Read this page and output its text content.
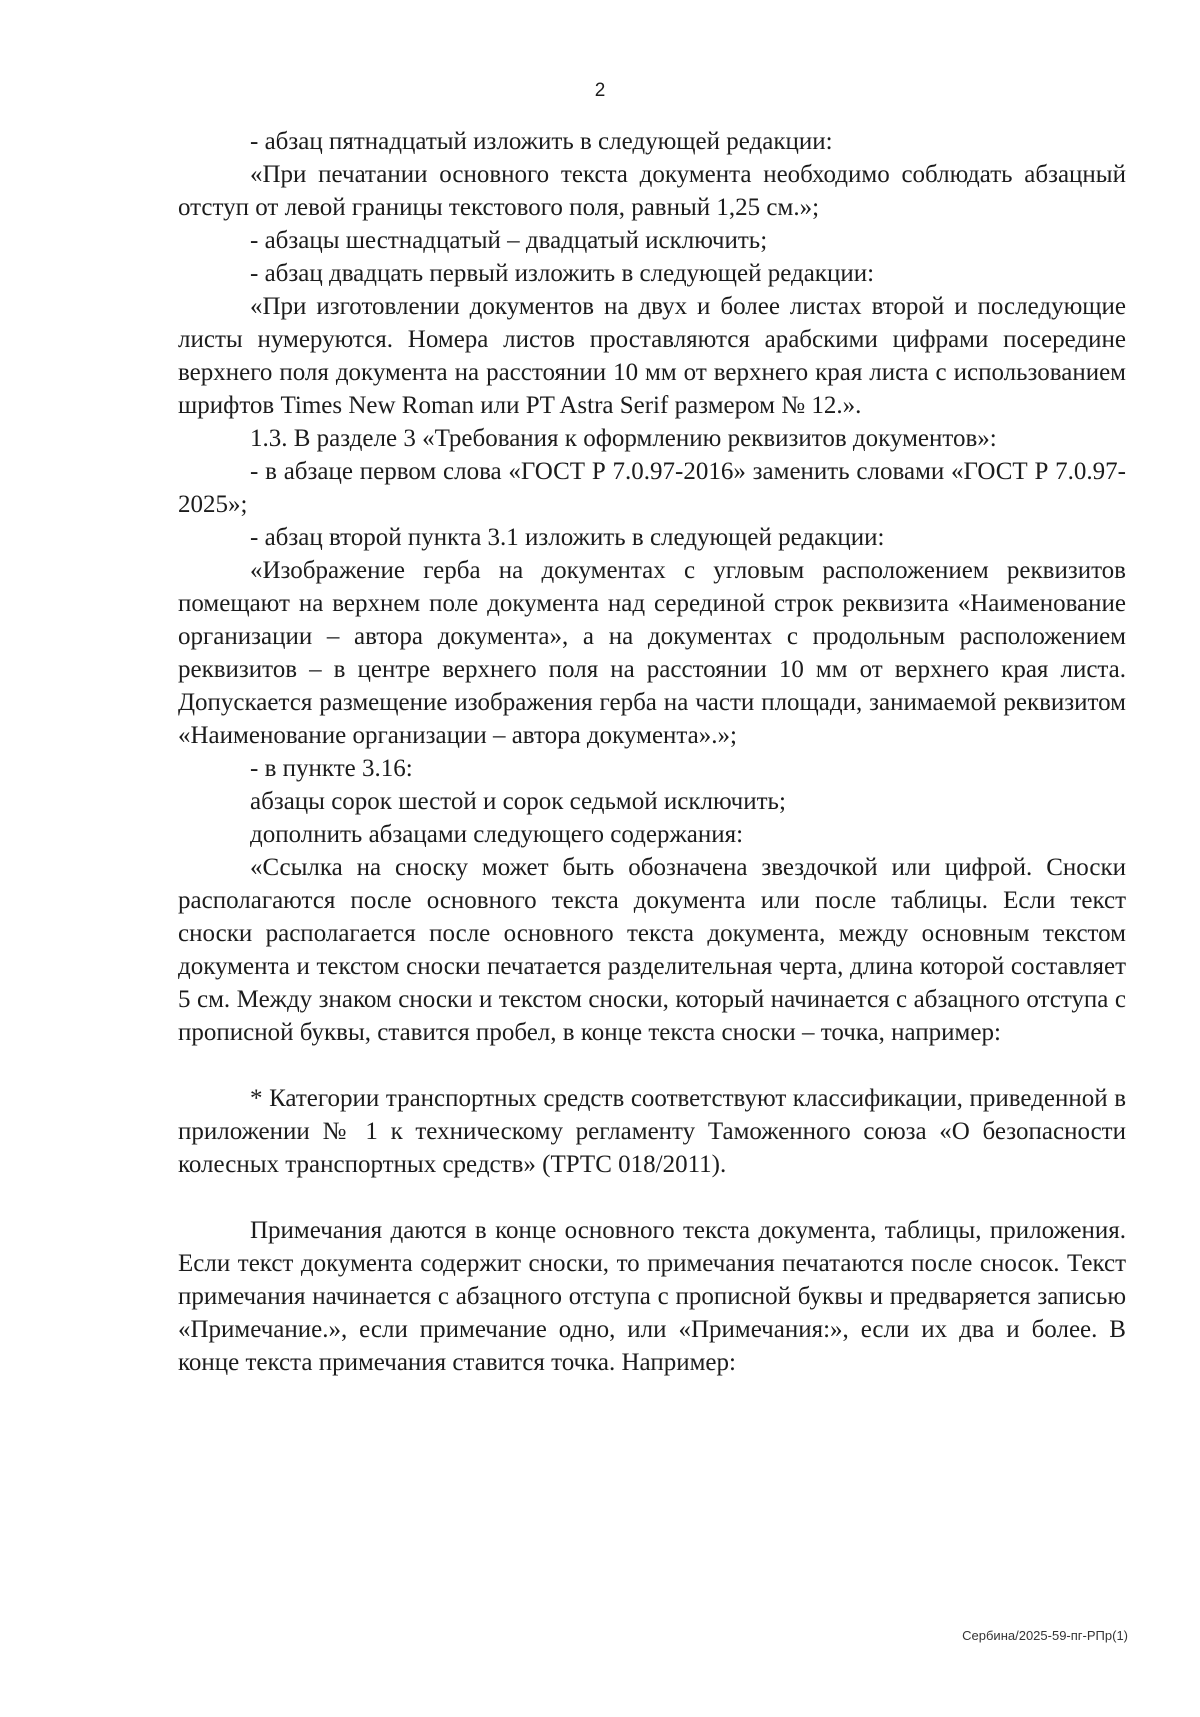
2

- абзац пятнадцатый изложить в следующей редакции:

«При печатании основного текста документа необходимо соблюдать абзацный отступ от левой границы текстового поля, равный 1,25 см.»;

- абзацы шестнадцатый – двадцатый исключить;

- абзац двадцать первый изложить в следующей редакции:

«При изготовлении документов на двух и более листах второй и последующие листы нумеруются. Номера листов проставляются арабскими цифрами посередине верхнего поля документа на расстоянии 10 мм от верхнего края листа с использованием шрифтов Times New Roman или PT Astra Serif размером № 12.».

1.3. В разделе 3 «Требования к оформлению реквизитов документов»:

- в абзаце первом слова «ГОСТ Р 7.0.97-2016» заменить словами «ГОСТ Р 7.0.97-2025»;

- абзац второй пункта 3.1 изложить в следующей редакции:

«Изображение герба на документах с угловым расположением реквизитов помещают на верхнем поле документа над серединой строк реквизита «Наименование организации – автора документа», а на документах с продольным расположением реквизитов – в центре верхнего поля на расстоянии 10 мм от верхнего края листа. Допускается размещение изображения герба на части площади, занимаемой реквизитом «Наименование организации – автора документа».»;

- в пункте 3.16:

абзацы сорок шестой и сорок седьмой исключить;

дополнить абзацами следующего содержания:

«Ссылка на сноску может быть обозначена звездочкой или цифрой. Сноски располагаются после основного текста документа или после таблицы. Если текст сноски располагается после основного текста документа, между основным текстом документа и текстом сноски печатается разделительная черта, длина которой составляет 5 см. Между знаком сноски и текстом сноски, который начинается с абзацного отступа с прописной буквы, ставится пробел, в конце текста сноски – точка, например:

* Категории транспортных средств соответствуют классификации, приведенной в приложении № 1 к техническому регламенту Таможенного союза «О безопасности колесных транспортных средств» (ТРТС 018/2011).

Примечания даются в конце основного текста документа, таблицы, приложения. Если текст документа содержит сноски, то примечания печатаются после сносок. Текст примечания начинается с абзацного отступа с прописной буквы и предваряется записью «Примечание.», если примечание одно, или «Примечания:», если их два и более. В конце текста примечания ставится точка. Например:

Сербина/2025-59-пг-РПр(1)
